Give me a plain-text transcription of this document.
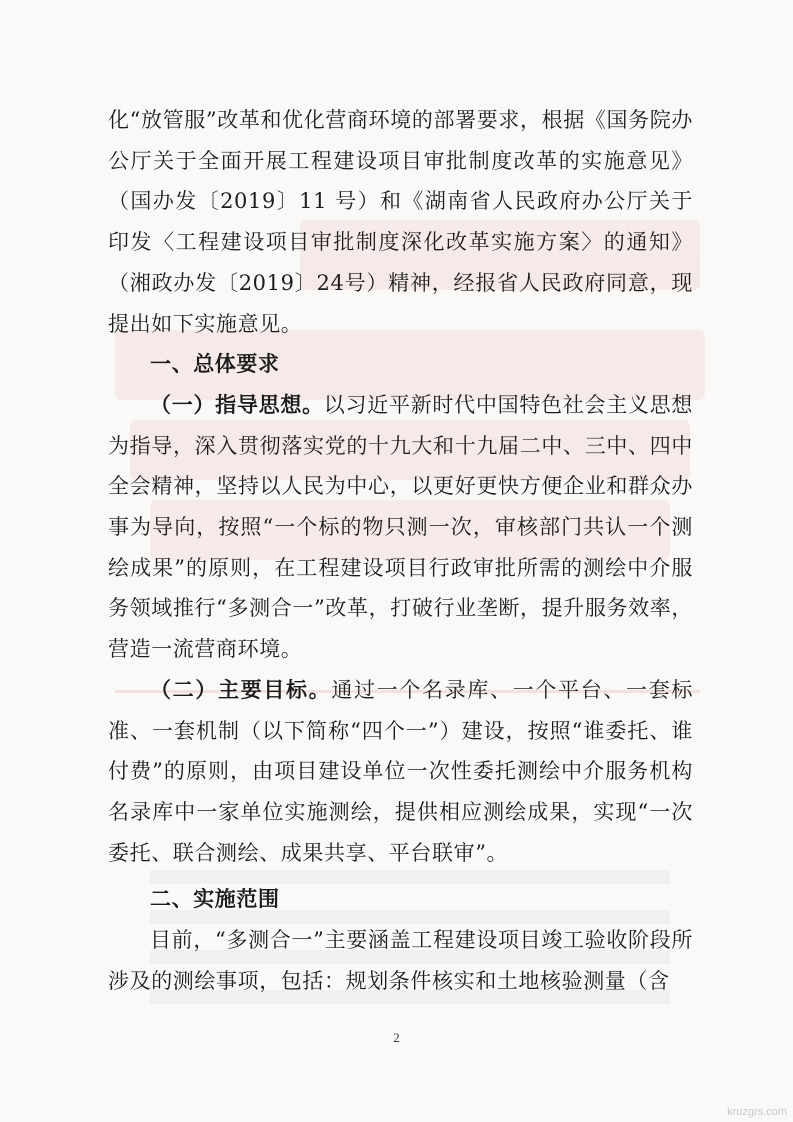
化“放管服”改革和优化营商环境的部署要求，根据《国务院办公厅关于全面开展工程建设项目审批制度改革的实施意见》（国办发〔2019〕11 号）和《湖南省人民政府办公厅关于印发〈工程建设项目审批制度深化改革实施方案〉的通知》（湘政办发〔2019〕24号）精神，经报省人民政府同意，现提出如下实施意见。

一、总体要求

（一）指导思想。以习近平新时代中国特色社会主义思想为指导，深入贯彻落实党的十九大和十九届二中、三中、四中全会精神，坚持以人民为中心，以更好更快方便企业和群众办事为导向，按照“一个标的物只测一次，审核部门共认一个测绘成果”的原则，在工程建设项目行政审批所需的测绘中介服务领域推行“多测合一”改革，打破行业垄断，提升服务效率，营造一流营商环境。

（二）主要目标。通过一个名录库、一个平台、一套标准、一套机制（以下简称“四个一”）建设，按照“谁委托、谁付费”的原则，由项目建设单位一次性委托测绘中介服务机构名录库中一家单位实施测绘，提供相应测绘成果，实现“一次委托、联合测绘、成果共享、平台联审”。

二、实施范围

目前，“多测合一”主要涵盖工程建设项目竣工验收阶段所涉及的测绘事项，包括：规划条件核实和土地核验测量（含

2
kruzgrs.com
